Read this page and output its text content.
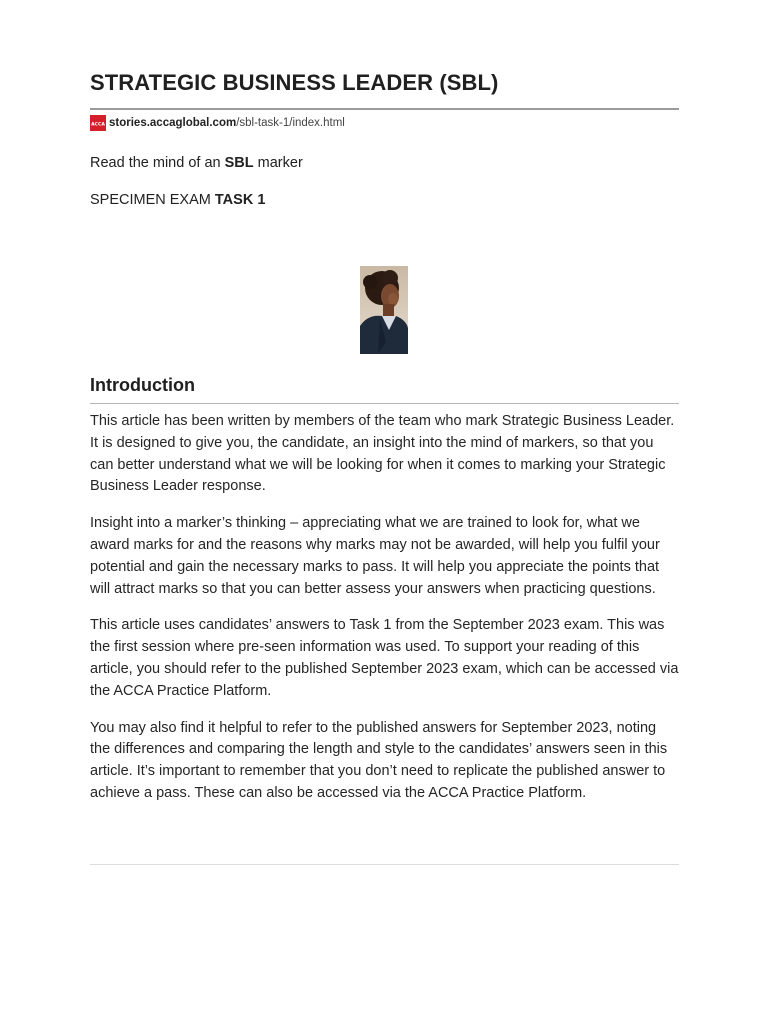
STRATEGIC BUSINESS LEADER (SBL)
ACCA stories.accaglobal.com /sbl-task-1/index.html

Read the mind of an SBL marker

SPECIMEN EXAM TASK 1

Introduction

This article has been written by members of the team who mark Strategic Business Leader. It is designed to give you, the candidate, an insight into the mind of markers, so that you can better understand what we will be looking for when it comes to marking your Strategic Business Leader response.

Insight into a marker’s thinking – appreciating what we are trained to look for, what we award marks for and the reasons why marks may not be awarded, will help you fulfil your potential and gain the necessary marks to pass. It will help you appreciate the points that will attract marks so that you can better assess your answers when practicing questions.

This article uses candidates’ answers to Task 1 from the September 2023 exam. This was the first session where pre-seen information was used. To support your reading of this article, you should refer to the published September 2023 exam, which can be accessed via the ACCA Practice Platform.

You may also find it helpful to refer to the published answers for September 2023, noting the differences and comparing the length and style to the candidates’ answers seen in this article. It’s important to remember that you don’t need to replicate the published answer to achieve a pass. These can also be accessed via the ACCA Practice Platform.
